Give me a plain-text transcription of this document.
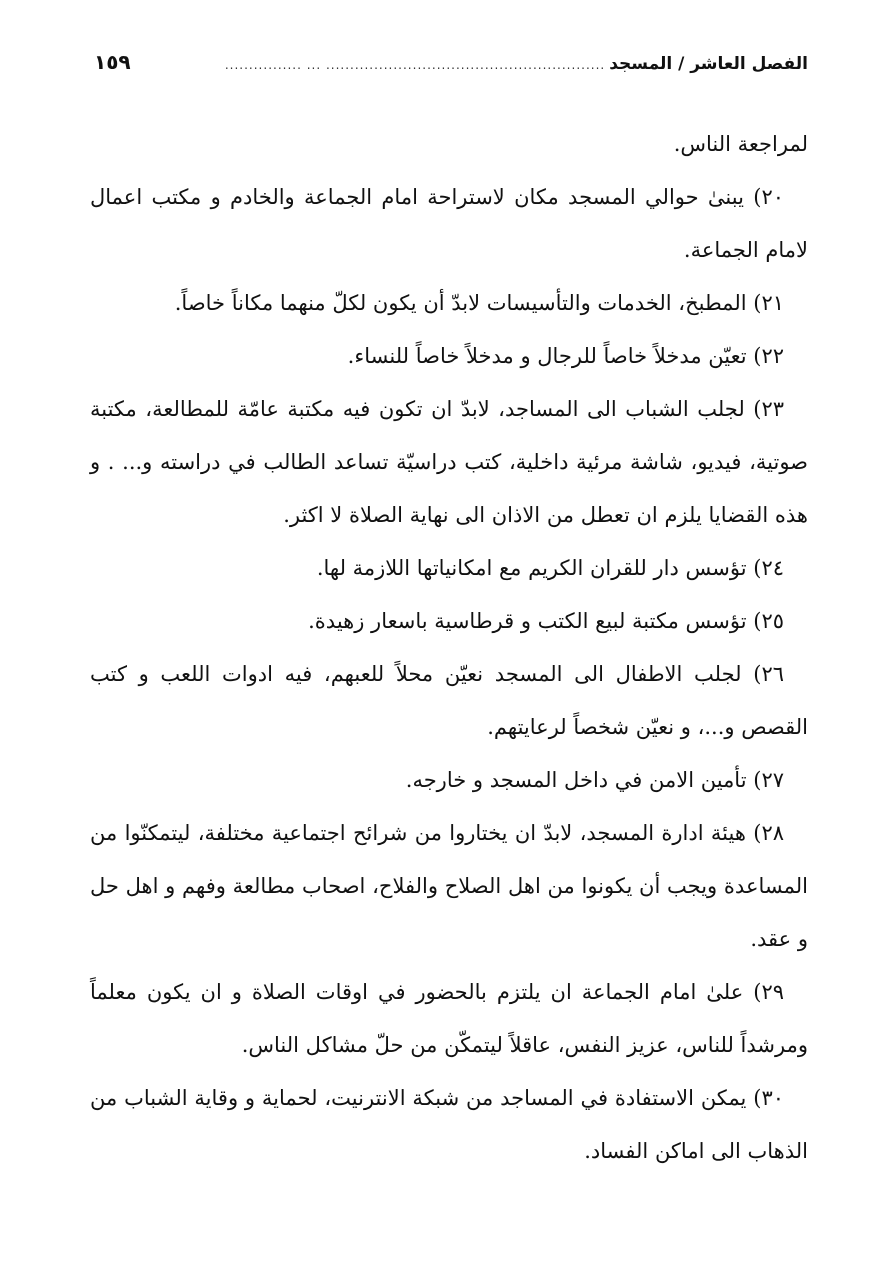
الفصل العاشر / المسجد
................ ... ..........................................................
١٥٩

لمراجعة الناس.

٢٠) يبنىٰ حوالي المسجد مكان لاستراحة امام الجماعة والخادم و مكتب اعمال لامام الجماعة.

٢١) المطبخ، الخدمات والتأسيسات لابدّ أن يكون لكلّ منهما مكاناً خاصاً.

٢٢) تعيّن مدخلاً خاصاً للرجال و مدخلاً خاصاً للنساء.

٢٣) لجلب الشباب الى المساجد، لابدّ ان تكون فيه مكتبة عامّة للمطالعة، مكتبة صوتية، فيديو، شاشة مرئية داخلية، كتب دراسيّة تساعد الطالب في دراسته و... . و هذه القضايا يلزم ان تعطل من الاذان الى نهاية الصلاة لا اكثر.

٢٤) تؤسس دار للقران الكريم مع امكانياتها اللازمة لها.

٢٥) تؤسس مكتبة لبيع الكتب و قرطاسية باسعار زهيدة.

٢٦) لجلب الاطفال الى المسجد نعيّن محلاً للعبهم، فيه ادوات اللعب و كتب القصص و...، و نعيّن شخصاً لرعايتهم.

٢٧) تأمين الامن في داخل المسجد و خارجه.

٢٨) هيئة ادارة المسجد، لابدّ ان يختاروا من شرائح اجتماعية مختلفة، ليتمكنّوا من المساعدة ويجب أن يكونوا من اهل الصلاح والفلاح، اصحاب مطالعة وفهم و اهل حل و عقد.

٢٩) علىٰ امام الجماعة ان يلتزم بالحضور في اوقات الصلاة و ان يكون معلماً ومرشداً للناس، عزيز النفس، عاقلاً ليتمكّن من حلّ مشاكل الناس.

٣٠) يمكن الاستفادة في المساجد من شبكة الانترنيت، لحماية و وقاية الشباب من الذهاب الى اماكن الفساد.
